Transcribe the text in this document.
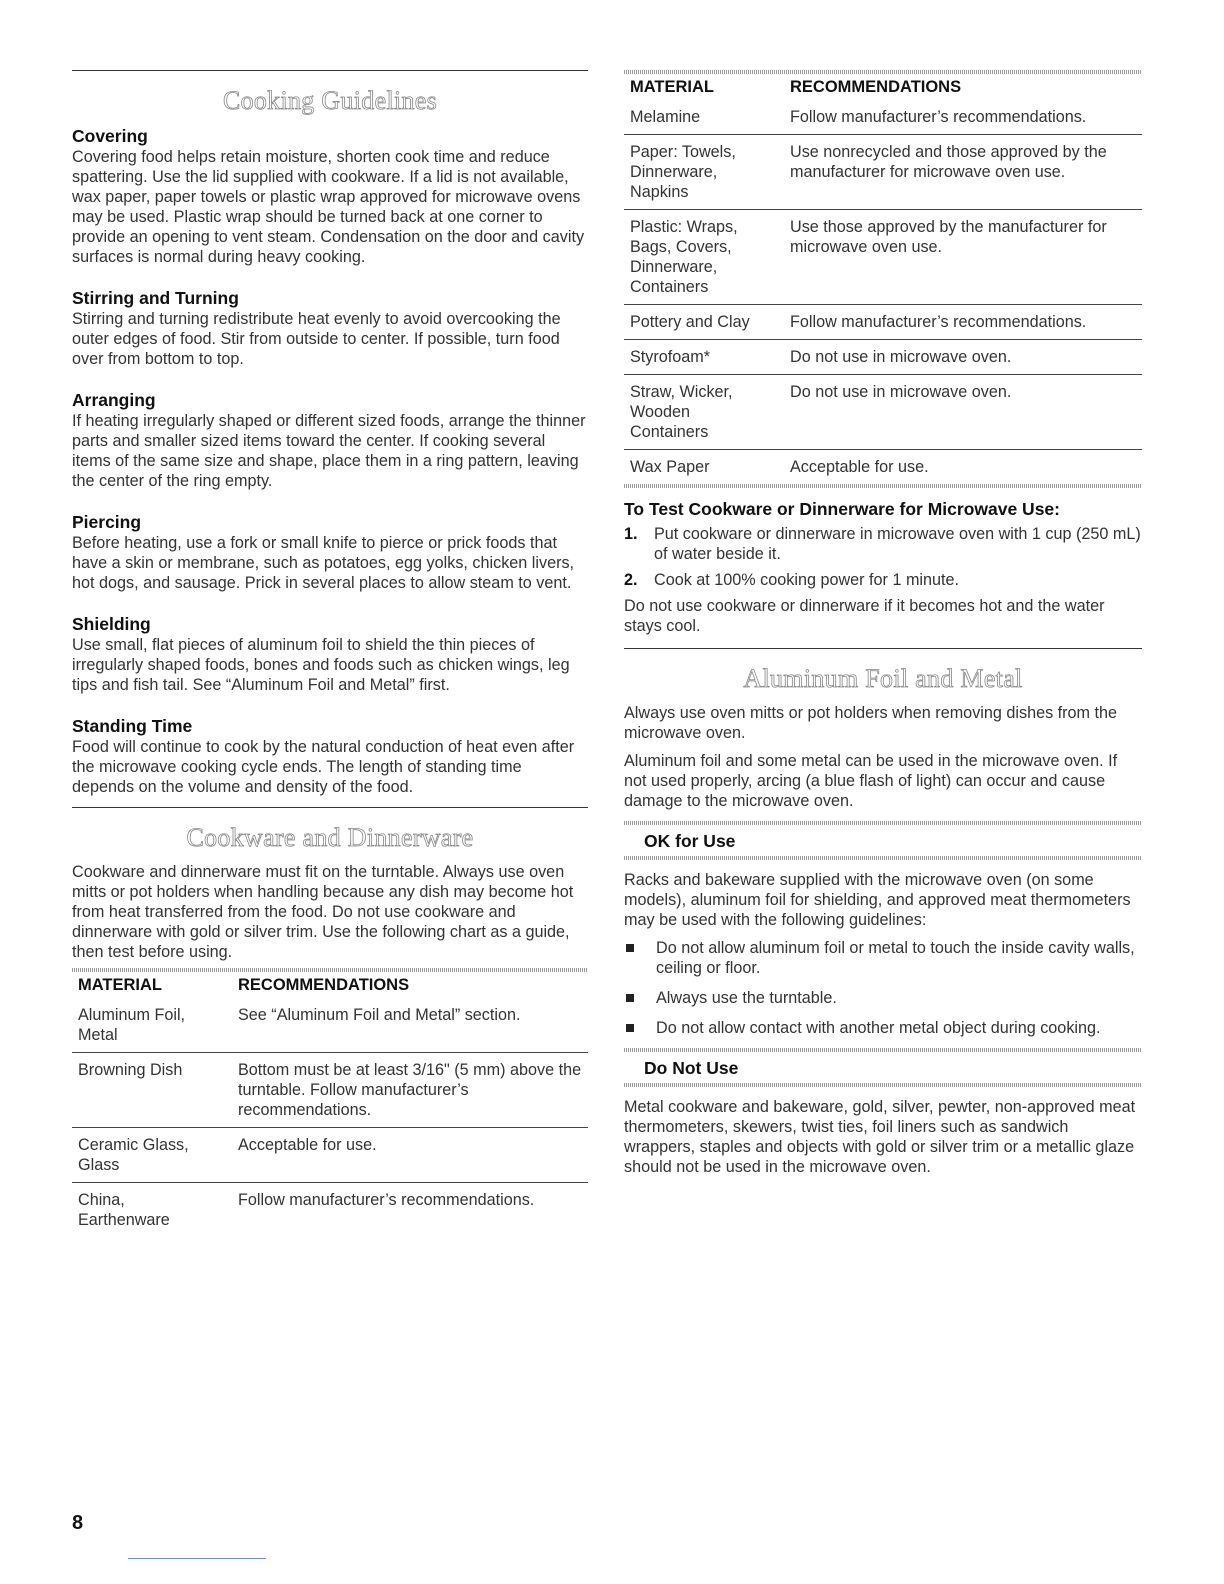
Cooking Guidelines
Covering

Covering food helps retain moisture, shorten cook time and reduce spattering. Use the lid supplied with cookware. If a lid is not available, wax paper, paper towels or plastic wrap approved for microwave ovens may be used. Plastic wrap should be turned back at one corner to provide an opening to vent steam. Condensation on the door and cavity surfaces is normal during heavy cooking.

Stirring and Turning

Stirring and turning redistribute heat evenly to avoid overcooking the outer edges of food. Stir from outside to center. If possible, turn food over from bottom to top.

Arranging

If heating irregularly shaped or different sized foods, arrange the thinner parts and smaller sized items toward the center. If cooking several items of the same size and shape, place them in a ring pattern, leaving the center of the ring empty.

Piercing

Before heating, use a fork or small knife to pierce or prick foods that have a skin or membrane, such as potatoes, egg yolks, chicken livers, hot dogs, and sausage. Prick in several places to allow steam to vent.

Shielding

Use small, flat pieces of aluminum foil to shield the thin pieces of irregularly shaped foods, bones and foods such as chicken wings, leg tips and fish tail. See “Aluminum Foil and Metal” first.

Standing Time

Food will continue to cook by the natural conduction of heat even after the microwave cooking cycle ends. The length of standing time depends on the volume and density of the food.

Cookware and Dinnerware

Cookware and dinnerware must fit on the turntable. Always use oven mitts or pot holders when handling because any dish may become hot from heat transferred from the food. Do not use cookware and dinnerware with gold or silver trim. Use the following chart as a guide, then test before using.

MATERIAL	RECOMMENDATIONS
Aluminum Foil,
Metal	See “Aluminum Foil and Metal” section.
Browning Dish	Bottom must be at least 3/16" (5 mm) above the turntable. Follow manufacturer’s recommendations.
Ceramic Glass,
Glass	Acceptable for use.
China,
Earthenware	Follow manufacturer’s recommendations.
MATERIAL	RECOMMENDATIONS
Melamine	Follow manufacturer’s recommendations.
Paper: Towels,
Dinnerware,
Napkins	Use nonrecycled and those approved by the manufacturer for microwave oven use.
Plastic: Wraps,
Bags, Covers,
Dinnerware,
Containers	Use those approved by the manufacturer for microwave oven use.
Pottery and Clay	Follow manufacturer’s recommendations.
Styrofoam*	Do not use in microwave oven.
Straw, Wicker,
Wooden
Containers	Do not use in microwave oven.
Wax Paper	Acceptable for use.
To Test Cookware or Dinnerware for Microwave Use:
1.	Put cookware or dinnerware in microwave oven with 1 cup (250 mL) of water beside it.
2.	Cook at 100% cooking power for 1 minute.

Do not use cookware or dinnerware if it becomes hot and the water stays cool.

Aluminum Foil and Metal

Always use oven mitts or pot holders when removing dishes from the microwave oven.

Aluminum foil and some metal can be used in the microwave oven. If not used properly, arcing (a blue flash of light) can occur and cause damage to the microwave oven.

OK for Use

Racks and bakeware supplied with the microwave oven (on some models), aluminum foil for shielding, and approved meat thermometers may be used with the following guidelines:

Do not allow aluminum foil or metal to touch the inside cavity walls, ceiling or floor.
Always use the turntable.
Do not allow contact with another metal object during cooking.
Do Not Use

Metal cookware and bakeware, gold, silver, pewter, non-approved meat thermometers, skewers, twist ties, foil liners such as sandwich wrappers, staples and objects with gold or silver trim or a metallic glaze should not be used in the microwave oven.

8
